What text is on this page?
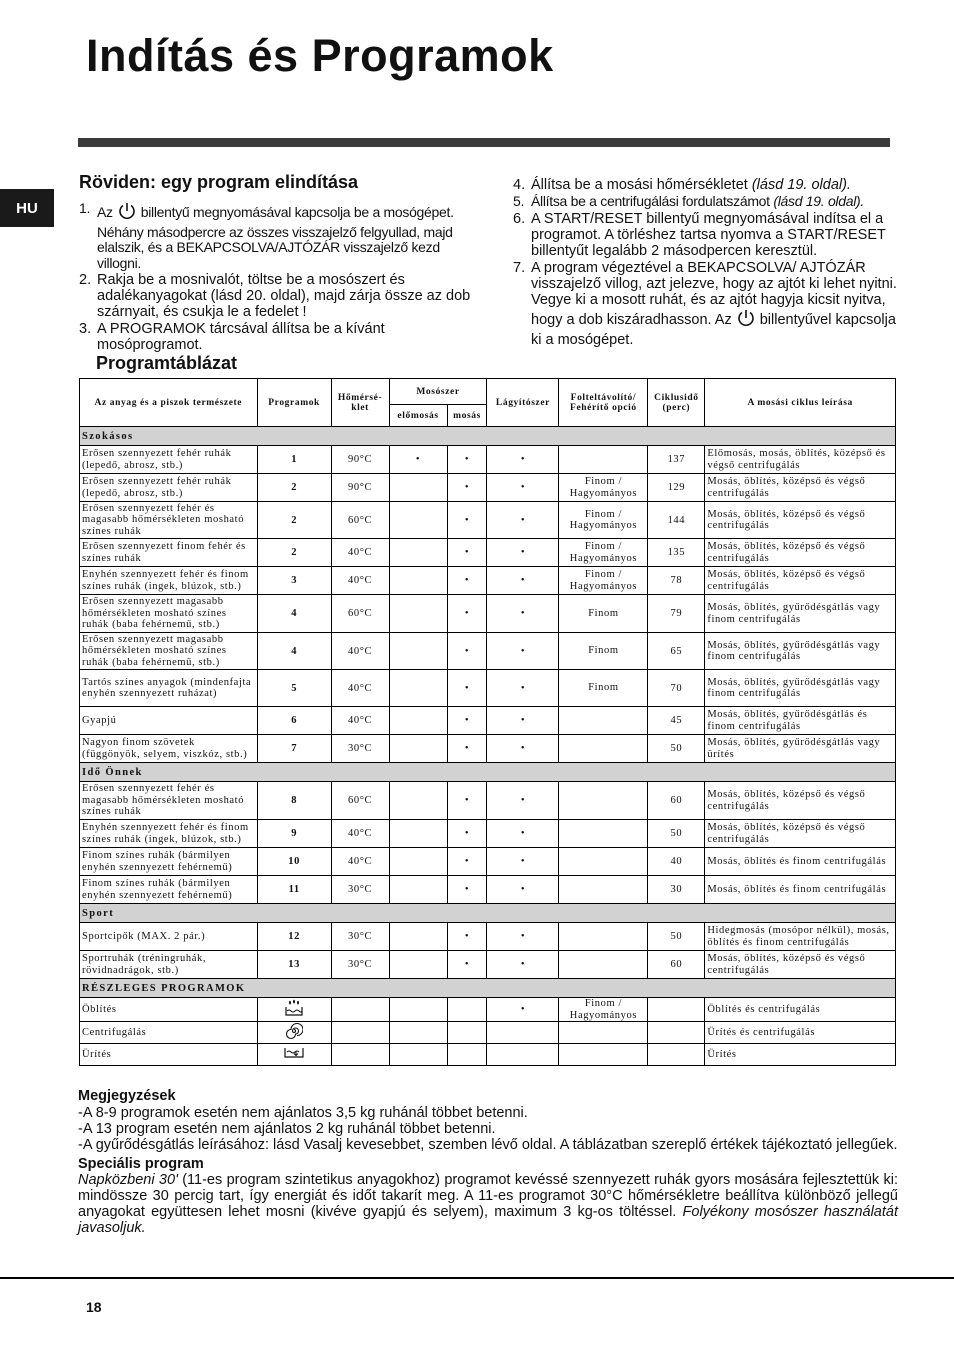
Indítás és Programok
HU
Röviden: egy program elindítása
1. Az billentyű megnyomásával kapcsolja be a mosógépet. Néhány másodpercre az összes visszajelző felgyullad, majd elalszik, és a BEKAPCSOLVA/AJTÓZÁR visszajelző kezd villogni.
2. Rakja be a mosnivalót, töltse be a mosószert és adalékanyagokat (lásd 20. oldal), majd zárja össze az dob szárnyait, és csukja le a fedelet !
3. A PROGRAMOK tárcsával állítsa be a kívánt mosóprogramot.
4. Állítsa be a mosási hőmérsékletet (lásd 19. oldal).
5. Állítsa be a centrifugálási fordulatszámot (lásd 19. oldal).
6. A START/RESET billentyű megnyomásával indítsa el a programot. A törléshez tartsa nyomva a START/RESET billentyűt legalább 2 másodpercen keresztül.
7. A program végeztével a BEKAPCSOLVA/ AJTÓZÁR visszajelző villog, azt jelezve, hogy az ajtót ki lehet nyitni. Vegye ki a mosott ruhát, és az ajtót hagyja kicsit nyitva, hogy a dob kiszáradhasson. Az billentyűvel kapcsolja ki a mosógépet.
Programtáblázat
Az anyag és a piszok természete	Programok	Hőmérsé-klet	Mosószer		Lágyítószer	Folteltávolító/ Fehérítő opció	Ciklusidő (perc)	A mosási ciklus leírása
			előmosás	mosás				
Szokásos								
Erősen szennyezett fehér ruhák (lepedő, abrosz, stb.)	1	90°C	•	•	•		137	Előmosás, mosás, öblítés, középső és végső centrifugálás
Erősen szennyezett fehér ruhák (lepedő, abrosz, stb.)	2	90°C		•	•	Finom / Hagyományos	129	Mosás, öblítés, középső és végső centrifugálás
Erősen szennyezett fehér és magasabb hőmérsékleten mosható színes ruhák	2	60°C		•	•	Finom / Hagyományos	144	Mosás, öblítés, középső és végső centrifugálás
Erősen szennyezett finom fehér és színes ruhák	2	40°C		•	•	Finom / Hagyományos	135	Mosás, öblítés, középső és végső centrifugálás
Enyhén szennyezett fehér és finom színes ruhák (ingek, blúzok, stb.)	3	40°C		•	•	Finom / Hagyományos	78	Mosás, öblítés, középső és végső centrifugálás
Erősen szennyezett magasabb hőmérsékleten mosható színes ruhák (baba fehérnemű, stb.)	4	60°C		•	•	Finom	79	Mosás, öblítés, gyűrődésgátlás vagy finom centrifugálás
Erősen szennyezett magasabb hőmérsékleten mosható színes ruhák (baba fehérnemű, stb.)	4	40°C		•	•	Finom	65	Mosás, öblítés, gyűrődésgátlás vagy finom centrifugálás
Tartós színes anyagok (mindenfajta enyhén szennyezett ruházat)	5	40°C		•	•	Finom	70	Mosás, öblítés, gyűrődésgátlás vagy finom centrifugálás
Gyapjú	6	40°C		•	•		45	Mosás, öblítés, gyűrődésgátlás és finom centrifugálás
Nagyon finom szövetek (függönyök, selyem, viszkóz, stb.)	7	30°C		•	•		50	Mosás, öblítés, gyűrődésgátlás vagy ürítés
Idő Önnek								
Erősen szennyezett fehér és magasabb hőmérsékleten mosható színes ruhák	8	60°C		•	•		60	Mosás, öblítés, középső és végső centrifugálás
Enyhén szennyezett fehér és finom színes ruhák (ingek, blúzok, stb.)	9	40°C		•	•		50	Mosás, öblítés, középső és végső centrifugálás
Finom színes ruhák (bármilyen enyhén szennyezett fehérnemű)	10	40°C		•	•		40	Mosás, öblítés és finom centrifugálás
Finom színes ruhák (bármilyen enyhén szennyezett fehérnemű)	11	30°C		•	•		30	Mosás, öblítés és finom centrifugálás
Sport								
Sportcipők (MAX. 2 pár.)	12	30°C		•	•		50	Hidegmosás (mosópor nélkül), mosás, öblítés és finom centrifugálás
Sportruhák (tréningruhák, rövidnadrágok, stb.)	13	30°C		•	•		60	Mosás, öblítés, középső és végső centrifugálás
RÉSZLEGES PROGRAMOK								
Öblítés					•	Finom / Hagyományos		Öblítés és centrifugálás
Centrifugálás								Ürítés és centrifugálás
Ürítés								Ürítés
Megjegyzések

-A 8-9 programok esetén nem ajánlatos 3,5 kg ruhánál többet betenni.

-A 13 program esetén nem ajánlatos 2 kg ruhánál többet betenni.

-A gyűrődésgátlás leírásához: lásd Vasalj kevesebbet, szemben lévő oldal. A táblázatban szereplő értékek tájékoztató jellegűek.

Speciális program

Napközbeni 30' (11-es program szintetikus anyagokhoz) programot kevéssé szennyezett ruhák gyors mosására fejlesztettük ki: mindössze 30 percig tart, így energiát és időt takarít meg. A 11-es programot 30°C hőmérsékletre beállítva különböző jellegű anyagokat együttesen lehet mosni (kivéve gyapjú és selyem), maximum 3 kg-os töltéssel. Folyékony mosószer használatát javasoljuk.

18
